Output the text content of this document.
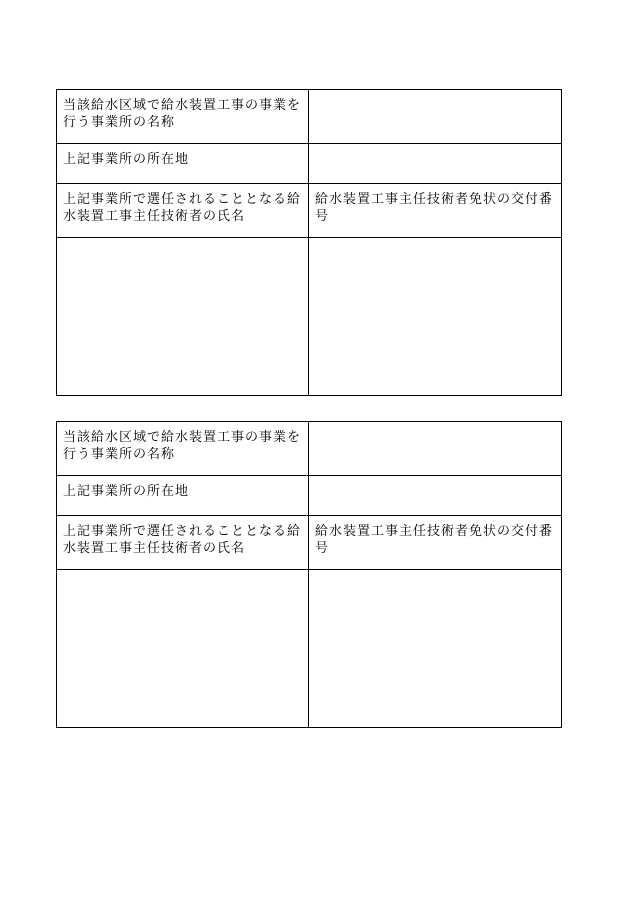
当該給水区域で給水装置工事の事業を行う事業所の名称	
上記事業所の所在地	
上記事業所で選任されることとなる給水装置工事主任技術者の氏名	給水装置工事主任技術者免状の交付番号

当該給水区域で給水装置工事の事業を行う事業所の名称	
上記事業所の所在地	
上記事業所で選任されることとなる給水装置工事主任技術者の氏名	給水装置工事主任技術者免状の交付番号
